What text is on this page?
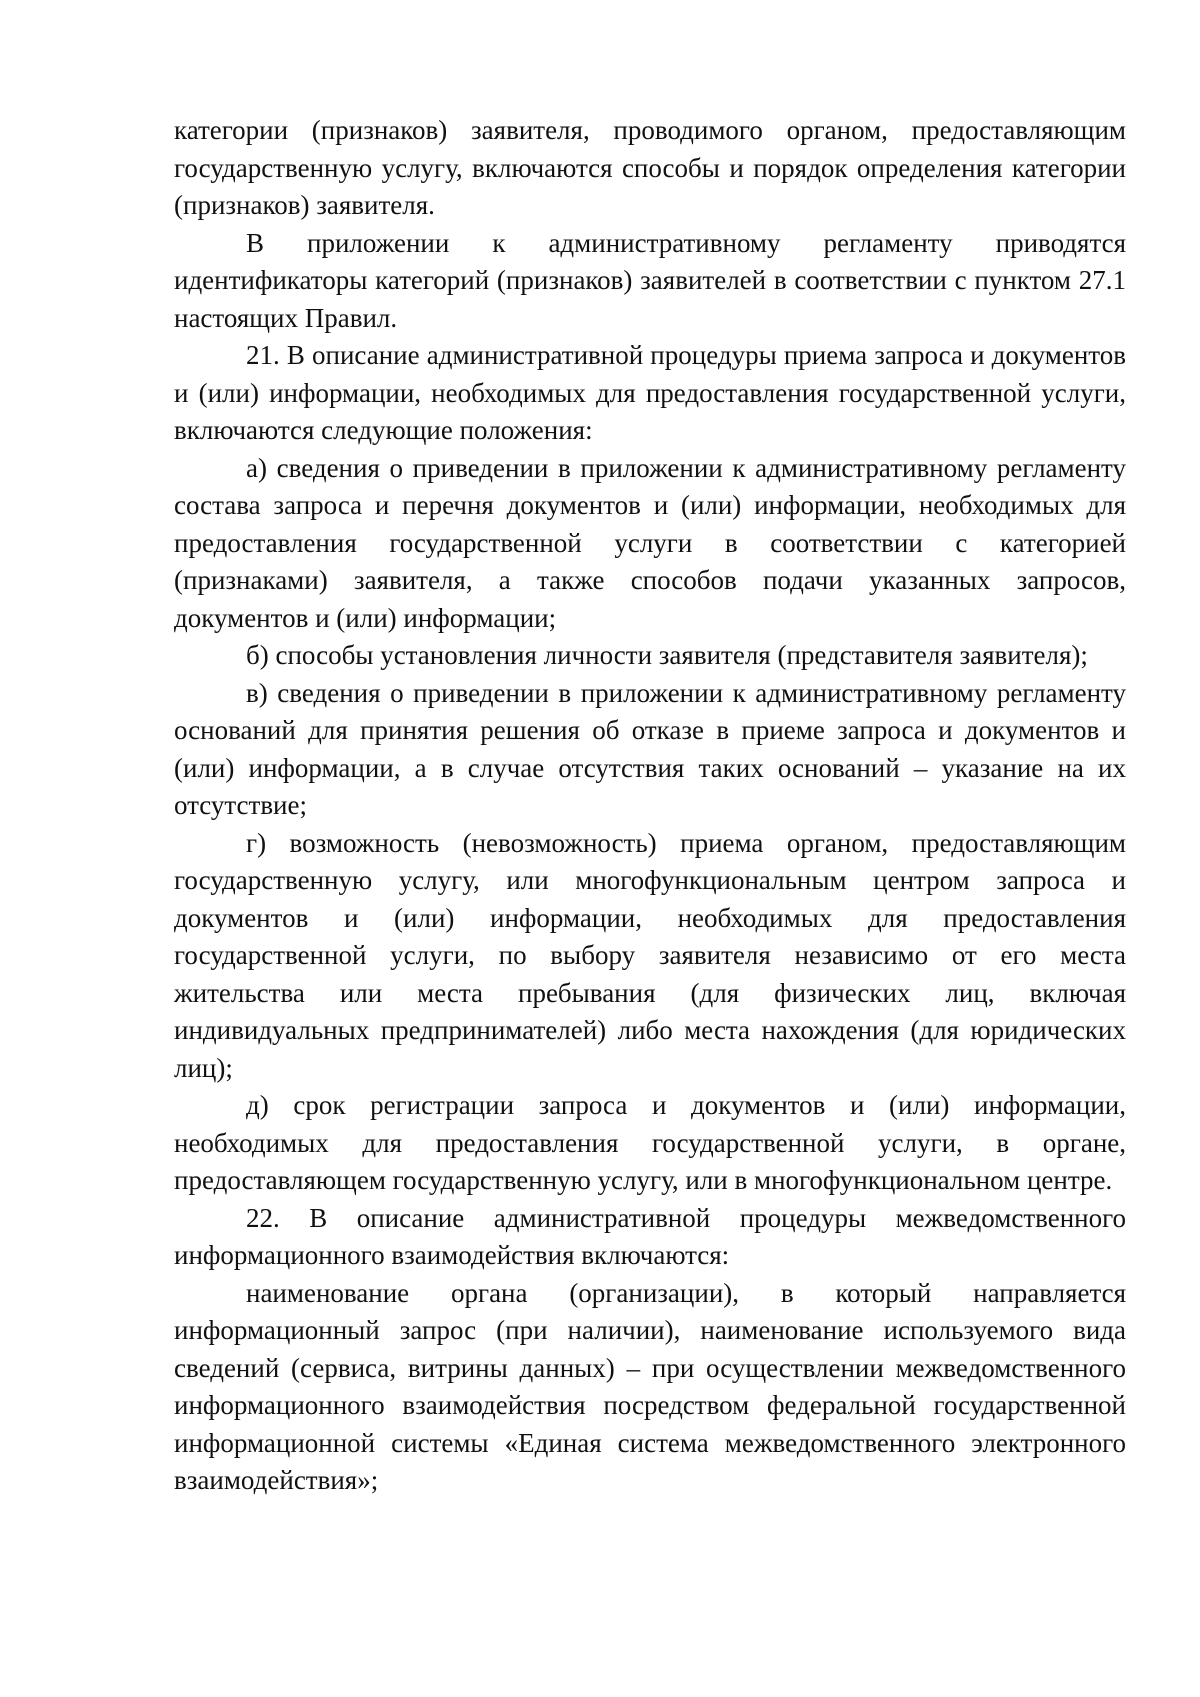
категории (признаков) заявителя, проводимого органом, предоставляющим государственную услугу, включаются способы и порядок определения категории (признаков) заявителя.

В приложении к административному регламенту приводятся идентификаторы категорий (признаков) заявителей в соответствии с пунктом 27.1 настоящих Правил.

21. В описание административной процедуры приема запроса и документов и (или) информации, необходимых для предоставления государственной услуги, включаются следующие положения:

а) сведения о приведении в приложении к административному регламенту состава запроса и перечня документов и (или) информации, необходимых для предоставления государственной услуги в соответствии с категорией (признаками) заявителя, а также способов подачи указанных запросов, документов и (или) информации;

б) способы установления личности заявителя (представителя заявителя);

в) сведения о приведении в приложении к административному регламенту оснований для принятия решения об отказе в приеме запроса и документов и (или) информации, а в случае отсутствия таких оснований – указание на их отсутствие;

г) возможность (невозможность) приема органом, предоставляющим государственную услугу, или многофункциональным центром запроса и документов и (или) информации, необходимых для предоставления государственной услуги, по выбору заявителя независимо от его места жительства или места пребывания (для физических лиц, включая индивидуальных предпринимателей) либо места нахождения (для юридических лиц);

д) срок регистрации запроса и документов и (или) информации, необходимых для предоставления государственной услуги, в органе, предоставляющем государственную услугу, или в многофункциональном центре.

22. В описание административной процедуры межведомственного информационного взаимодействия включаются:

наименование органа (организации), в который направляется информационный запрос (при наличии), наименование используемого вида сведений (сервиса, витрины данных) – при осуществлении межведомственного информационного взаимодействия посредством федеральной государственной информационной системы «Единая система межведомственного электронного взаимодействия»;
